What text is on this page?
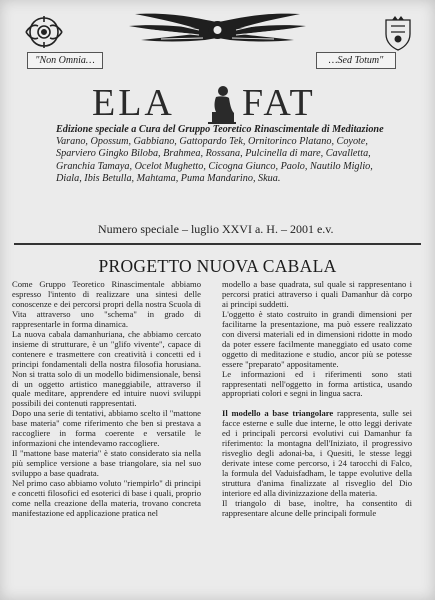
"Non Omnia…	…Sed Totum"
ELA FAT
Edizione speciale a Cura del Gruppo Teoretico Rinascimentale di Meditazione
Varano, Opossum, Gabbiano, Gattopardo Tek, Ornitorinco Platano, Coyote, Sparviero Gingko Biloba, Brahmea, Rossana, Pulcinella di mare, Cavalletta, Granchia Tamaya, Ocelot Mughetto, Cicogna Giunco, Paolo, Nautilo Miglio, Diala, Ibis Betulla, Mahtama, Puma Mandarino, Skua.
Numero speciale – luglio XXVI a. H. – 2001 e.v.
PROGETTO NUOVA CABALA

Come Gruppo Teoretico Rinascimentale abbiamo espresso l'intento di realizzare una sintesi delle conoscenze e dei percorsi propri della nostra Scuola di Vita attraverso uno "schema" in grado di rappresentarle in forma dinamica.

La nuova cabala damanhuriana, che abbiamo cercato insieme di strutturare, è un "glifo vivente", capace di contenere e trasmettere con creatività i concetti ed i principi fondamentali della nostra filosofia horusiana. Non si tratta solo di un modello bidimensionale, bensì di un oggetto artistico maneggiabile, attraverso il quale meditare, apprendere ed intuire nuovi sviluppi possibili dei contenuti rappresentati.

Dopo una serie di tentativi, abbiamo scelto il "mattone base materia" come riferimento che ben si prestava a raccogliere in forma coerente e versatile le informazioni che intendevamo raccogliere.

Il "mattone base materia" è stato considerato sia nella più semplice versione a base triangolare, sia nel suo sviluppo a base quadrata.

Nel primo caso abbiamo voluto "riempirlo" di principi e concetti filosofici ed esoterici di base i quali, proprio come nella creazione della materia, trovano concreta manifestazione ed applicazione pratica nel

modello a base quadrata, sul quale si rappresentano i percorsi pratici attraverso i quali Damanhur dà corpo ai principi suddetti.

L'oggetto è stato costruito in grandi dimensioni per facilitarne la presentazione, ma può essere realizzato con diversi materiali ed in dimensioni ridotte in modo da poter essere facilmente maneggiato ed usato come oggetto di meditazione e studio, ancor più se potesse essere "preparato" appositamente.

Le informazioni ed i riferimenti sono stati rappresentati nell'oggetto in forma artistica, usando appropriati colori e segni in lingua sacra.

Il modello a base triangolare rappresenta, sulle sei facce esterne e sulle due interne, le otto leggi derivate ed i principali percorsi evolutivi cui Damanhur fa riferimento: la montagna dell'Iniziato, il progressivo risveglio degli adonai-ba, i Quesiti, le stesse leggi derivate intese come percorso, i 24 tarocchi di Falco, la formula del Vaduisfadham, le tappe evolutive della struttura d'anima finalizzate al risveglio del Dio interiore ed alla divinizzazione della materia.

Il triangolo di base, inoltre, ha consentito di rappresentare alcune delle principali formule
